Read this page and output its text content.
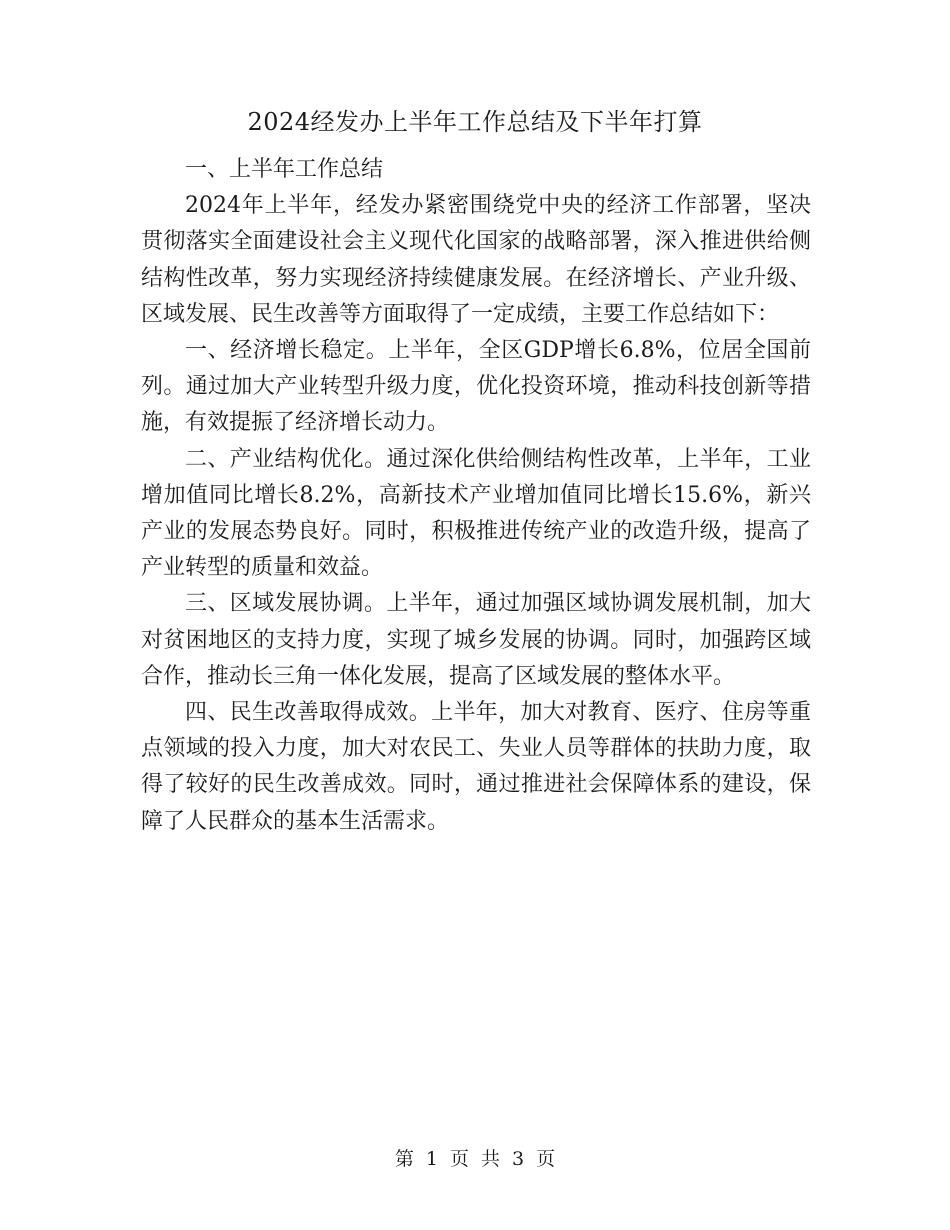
2024经发办上半年工作总结及下半年打算

一、上半年工作总结

2024年上半年，经发办紧密围绕党中央的经济工作部署，坚决贯彻落实全面建设社会主义现代化国家的战略部署，深入推进供给侧结构性改革，努力实现经济持续健康发展。在经济增长、产业升级、区域发展、民生改善等方面取得了一定成绩，主要工作总结如下：

一、经济增长稳定。上半年，全区GDP增长6.8%，位居全国前列。通过加大产业转型升级力度，优化投资环境，推动科技创新等措施，有效提振了经济增长动力。

二、产业结构优化。通过深化供给侧结构性改革，上半年，工业增加值同比增长8.2%，高新技术产业增加值同比增长15.6%，新兴产业的发展态势良好。同时，积极推进传统产业的改造升级，提高了产业转型的质量和效益。

三、区域发展协调。上半年，通过加强区域协调发展机制，加大对贫困地区的支持力度，实现了城乡发展的协调。同时，加强跨区域合作，推动长三角一体化发展，提高了区域发展的整体水平。

四、民生改善取得成效。上半年，加大对教育、医疗、住房等重点领域的投入力度，加大对农民工、失业人员等群体的扶助力度，取得了较好的民生改善成效。同时，通过推进社会保障体系的建设，保障了人民群众的基本生活需求。

第 1 页 共 3 页
